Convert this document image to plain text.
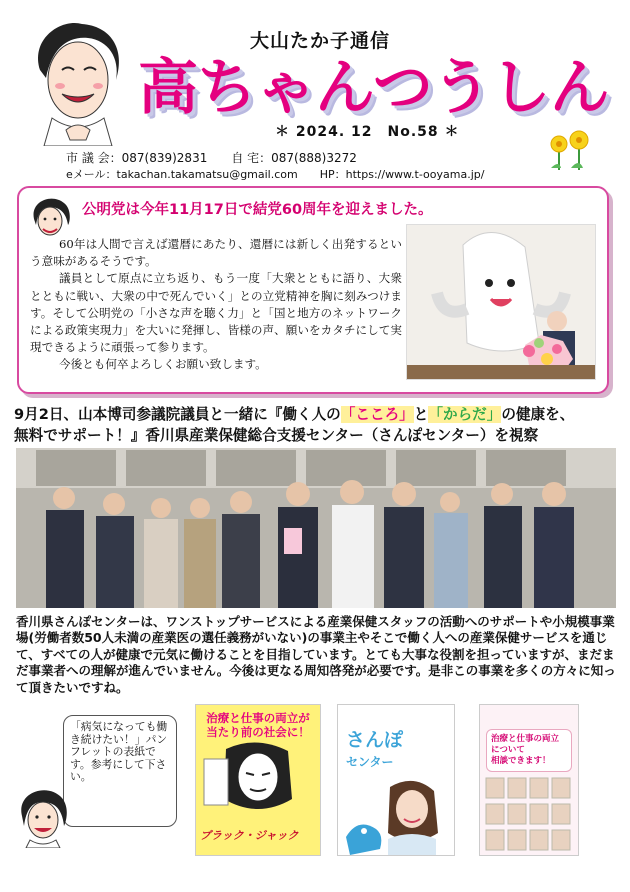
大山たか子通信
高ちゃんつうしん
＊ 2024. 12　No.58 ＊
市 議 会：087(839)2831　　自 宅：087(888)3272
eメール：takachan.takamatsu@gmail.com　　HP：https://www.t-ooyama.jp/
公明党は今年11月17日で結党60周年を迎えました。

60年は人間で言えば還暦にあたり、還暦には新しく出発するという意味があるそうです。

議員として原点に立ち返り、もう一度「大衆とともに語り、大衆とともに戦い、大衆の中で死んでいく」との立党精神を胸に刻みつけます。そして公明党の「小さな声を聴く力」と「国と地方のネットワークによる政策実現力」を大いに発揮し、皆様の声、願いをカタチにして実現できるように頑張って参ります。

今後とも何卒よろしくお願い致します。

9月2日、山本博司参議院議員と一緒に『働く人の「こころ」と「からだ」の健康を、
無料でサポート！』香川県産業保健総合支援センター（さんぽセンター）を視察
香川県さんぽセンターは、ワンストップサービスによる産業保健スタッフの活動へのサポートや小規模事業場(労働者数50人未満の産業医の選任義務がいない)の事業主やそこで働く人への産業保健サービスを通じて、すべての人が健康で元気に働けることを目指しています。とても大事な役割を担っていますが、まだまだ事業者への理解が進んでいません。今後は更なる周知啓発が必要です。是非この事業を多くの方々に知って頂きたいですね。
「病気になっても働き続けたい！」パンフレットの表紙です。参考にして下さい。
治療と仕事の両立が
当たり前の社会に！
ブラック・ジャック
さんぽ
センター
治療と仕事の両立について
相談できます！
